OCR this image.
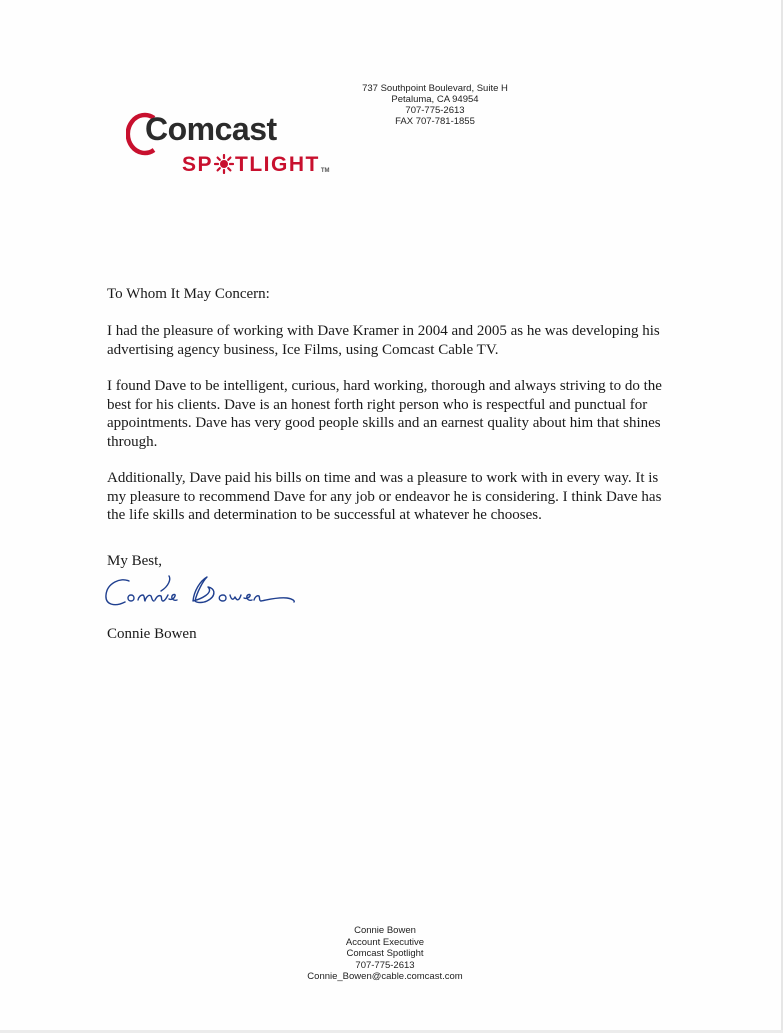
Comcast
SP TLIGHTTM
737 Southpoint Boulevard, Suite H
Petaluma, CA 94954
707-775-2613
FAX 707-781-1855

To Whom It May Concern:

I had the pleasure of working with Dave Kramer in 2004 and 2005 as he was developing his advertising agency business, Ice Films, using Comcast Cable TV.

I found Dave to be intelligent, curious, hard working, thorough and always striving to do the best for his clients. Dave is an honest forth right person who is respectful and punctual for appointments. Dave has very good people skills and an earnest quality about him that shines through.

Additionally, Dave paid his bills on time and was a pleasure to work with in every way. It is my pleasure to recommend Dave for any job or endeavor he is considering. I think Dave has the life skills and determination to be successful at whatever he chooses.

My Best,

Connie Bowen

Connie Bowen
Account Executive
Comcast Spotlight
707-775-2613
Connie_Bowen@cable.comcast.com
